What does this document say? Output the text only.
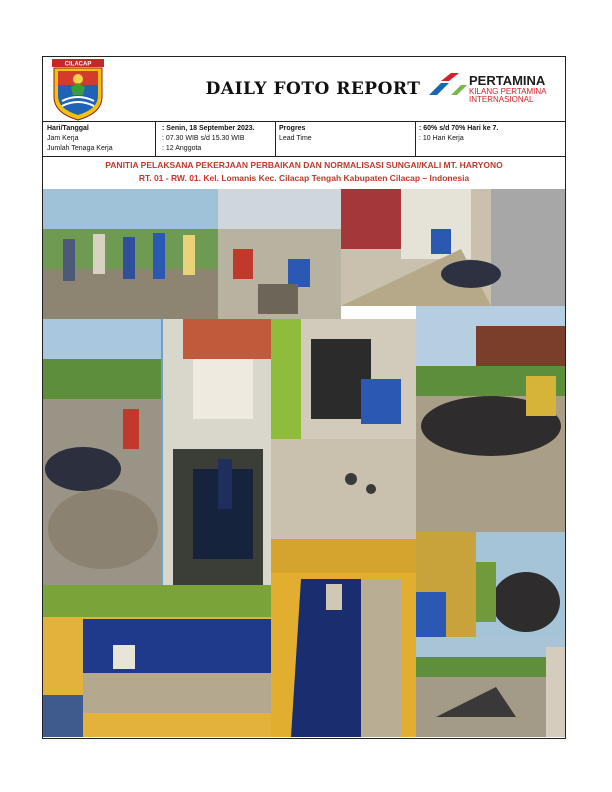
CILACAP
DAILY FOTO REPORT	PERTAMINA
KILANG PERTAMINA INTERNASIONAL
Hari/Tanggal	: Senin, 18 September 2023.
Jam Kerja	: 07.30 WIB s/d 15.30 WIB
Jumlah Tenaga Kerja	: 12 Anggota
Progres	: 60% s/d 70% Hari ke 7.
Lead Time	: 10 Hari Kerja
PANITIA PELAKSANA PEKERJAAN PERBAIKAN DAN NORMALISASI SUNGAI/KALI MT. HARYONO
RT. 01 - RW. 01. Kel. Lomanis Kec. Cilacap Tengah Kabupaten Cilacap – Indonesia
